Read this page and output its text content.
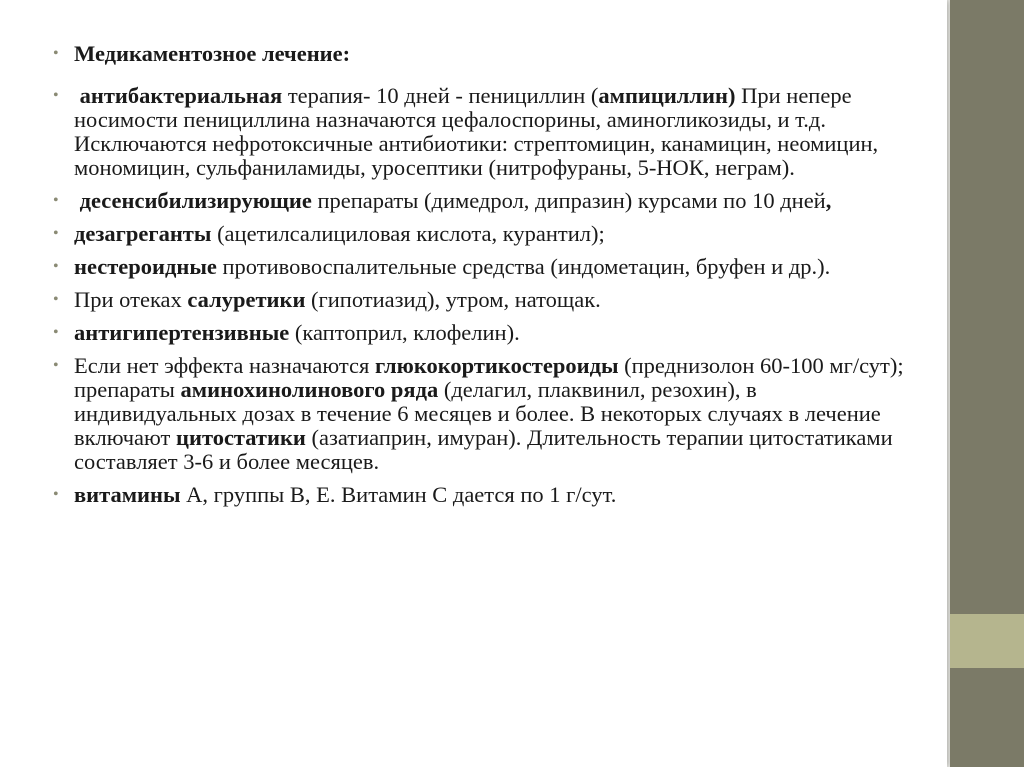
• Медикаментозное лечение:
• антибактериальная терапия- 10 дней - пенициллин (ампициллин) При непере носимости пенициллина назначаются цефалоспорины, аминогликозиды, и т.д. Исключаются нефротоксичные антибиотики: стрептомицин, канамицин, неомицин, мономицин, сульфаниламиды, уросептики (нитрофураны, 5-НОК, неграм).
• десенсибилизирующие препараты (димедрол, дипразин) курсами по 10 дней,
• дезагреганты (ацетилсалициловая кислота, курантил);
• нестероидные противовоспалительные средства (индометацин, бруфен и др.).
• При отеках салуретики (гипотиазид), утром, натощак.
• антигипертензивные (каптоприл, клофелин).
• Если нет эффекта назначаются глюкокортикостероиды (преднизолон 60-100 мг/сут); препараты аминохинолинового ряда (делагил, плаквинил, резохин), в индивидуальных дозах в течение 6 месяцев и более. В некоторых случаях в лечение включают цитостатики (азатиаприн, имуран). Длительность терапии цитостатиками составляет 3-6 и более месяцев.
• витамины А, группы В, Е. Витамин С дается по 1 г/сут.
